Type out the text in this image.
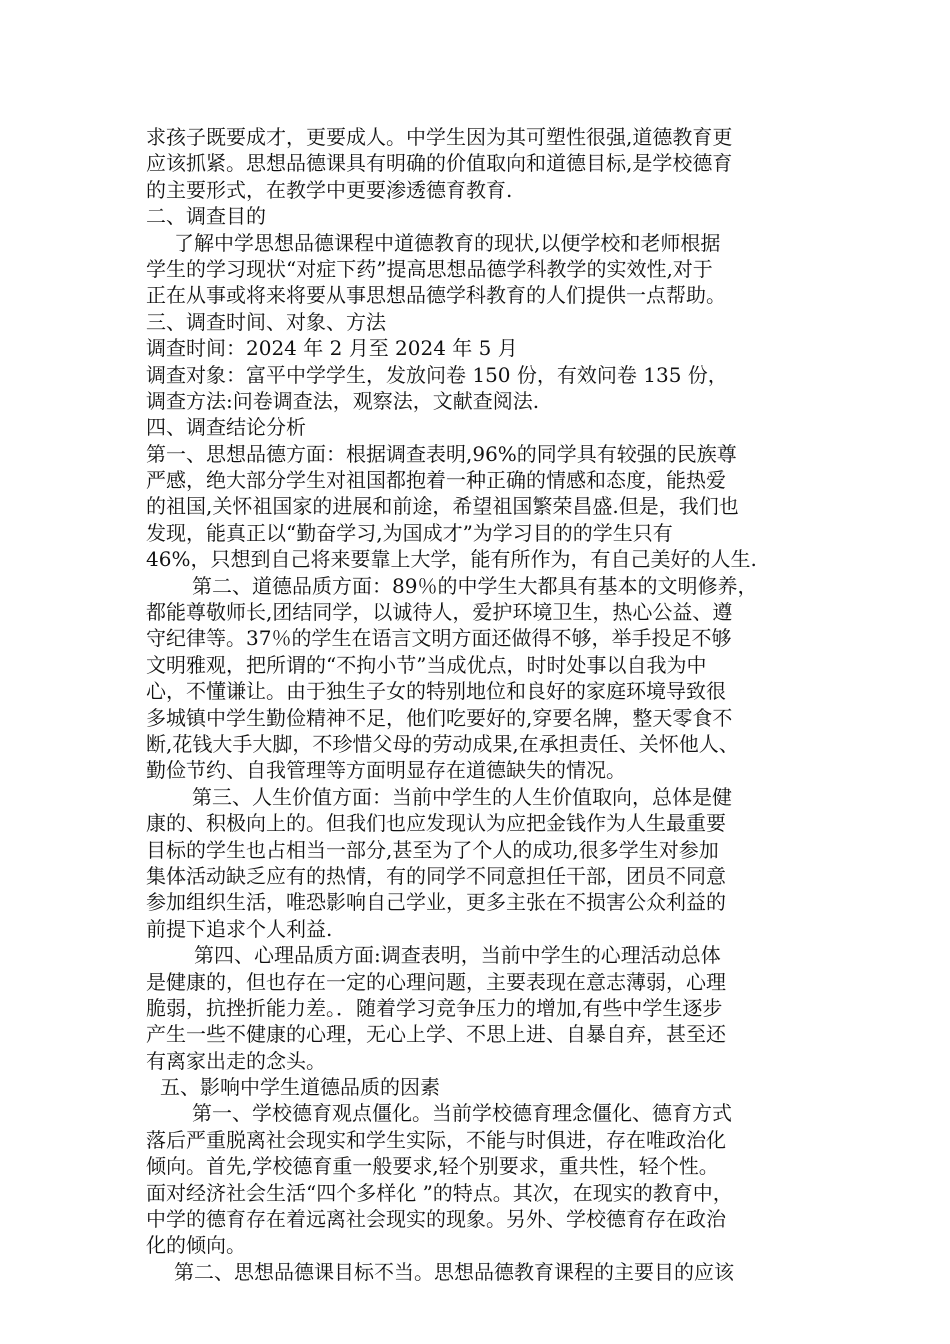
求孩子既要成才，更要成人。中学生因为其可塑性很强,道德教育更
应该抓紧。思想品德课具有明确的价值取向和道德目标,是学校德育
的主要形式，在教学中更要渗透德育教育.
二、调查目的
了解中学思想品德课程中道德教育的现状,以便学校和老师根据
学生的学习现状“对症下药”提高思想品德学科教学的实效性,对于
正在从事或将来将要从事思想品德学科教育的人们提供一点帮助。
三、调查时间、对象、方法
调查时间：2024 年 2 月至 2024 年 5 月
调查对象：富平中学学生，发放问卷 150 份，有效问卷 135 份，
调查方法:问卷调查法，观察法，文献查阅法.
四、调查结论分析
第一、思想品德方面：根据调查表明,96%的同学具有较强的民族尊
严感，绝大部分学生对祖国都抱着一种正确的情感和态度，能热爱
的祖国,关怀祖国家的进展和前途，希望祖国繁荣昌盛.但是，我们也
发现，能真正以“勤奋学习,为国成才”为学习目的的学生只有
46%，只想到自己将来要靠上大学，能有所作为，有自己美好的人生.
第二、道德品质方面：89％的中学生大都具有基本的文明修养，
都能尊敬师长,团结同学，以诚待人，爱护环境卫生，热心公益、遵
守纪律等。37％的学生在语言文明方面还做得不够，举手投足不够
文明雅观，把所谓的“不拘小节”当成优点，时时处事以自我为中
心，不懂谦让。由于独生子女的特别地位和良好的家庭环境导致很
多城镇中学生勤俭精神不足，他们吃要好的,穿要名牌，整天零食不
断,花钱大手大脚，不珍惜父母的劳动成果,在承担责任、关怀他人、
勤俭节约、自我管理等方面明显存在道德缺失的情况。
第三、人生价值方面：当前中学生的人生价值取向，总体是健
康的、积极向上的。但我们也应发现认为应把金钱作为人生最重要
目标的学生也占相当一部分,甚至为了个人的成功,很多学生对参加
集体活动缺乏应有的热情，有的同学不同意担任干部，团员不同意
参加组织生活，唯恐影响自己学业，更多主张在不损害公众利益的
前提下追求个人利益.
第四、心理品质方面:调查表明，当前中学生的心理活动总体
是健康的，但也存在一定的心理问题，主要表现在意志薄弱，心理
脆弱，抗挫折能力差。．随着学习竞争压力的增加,有些中学生逐步
产生一些不健康的心理，无心上学、不思上进、自暴自弃，甚至还
有离家出走的念头。
五、影响中学生道德品质的因素
第一、学校德育观点僵化。当前学校德育理念僵化、德育方式
落后严重脱离社会现实和学生实际，不能与时俱进，存在唯政治化
倾向。首先,学校德育重一般要求,轻个别要求，重共性，轻个性。
面对经济社会生活“四个多样化 ”的特点。其次，在现实的教育中，
中学的德育存在着远离社会现实的现象。另外、学校德育存在政治
化的倾向。
第二、思想品德课目标不当。思想品德教育课程的主要目的应该
